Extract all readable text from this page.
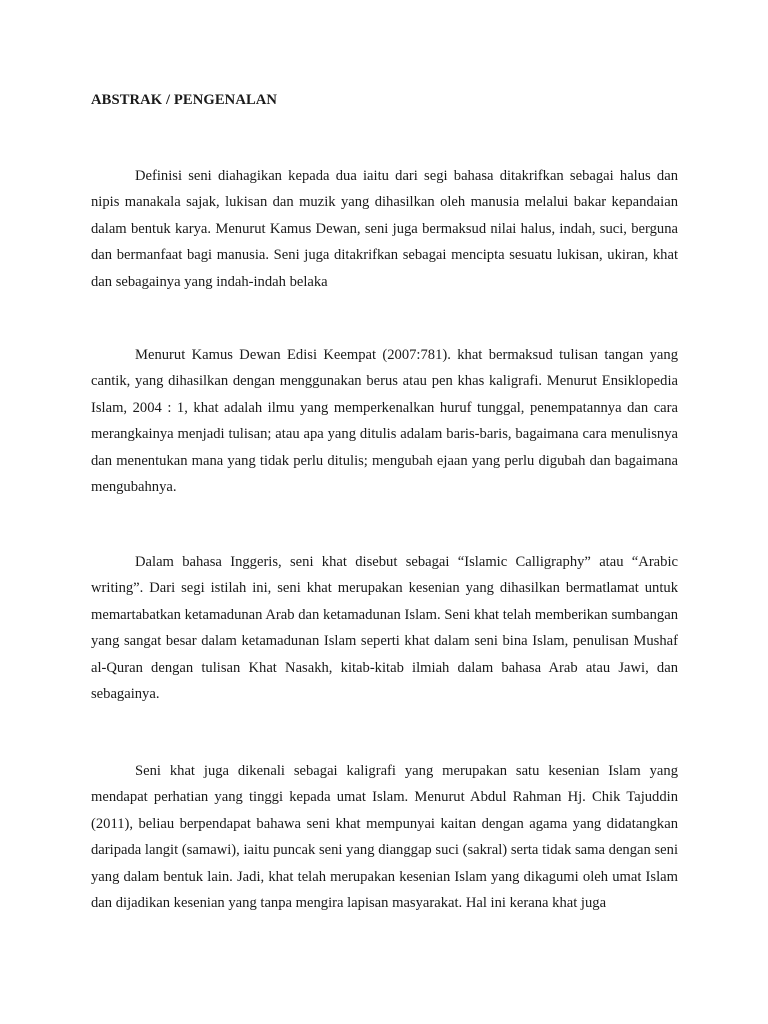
ABSTRAK / PENGENALAN

Definisi seni diahagikan kepada dua iaitu dari segi bahasa ditakrifkan sebagai halus dan nipis manakala sajak, lukisan dan muzik yang dihasilkan oleh manusia melalui bakar kepandaian dalam bentuk karya. Menurut Kamus Dewan, seni juga bermaksud nilai halus, indah, suci, berguna dan bermanfaat bagi manusia. Seni juga ditakrifkan sebagai mencipta sesuatu lukisan, ukiran, khat dan sebagainya yang indah-indah belaka

Menurut Kamus Dewan Edisi Keempat (2007:781). khat bermaksud tulisan tangan yang cantik, yang dihasilkan dengan menggunakan berus atau pen khas kaligrafi. Menurut Ensiklopedia Islam, 2004 : 1, khat adalah ilmu yang memperkenalkan huruf tunggal, penempatannya dan cara merangkainya menjadi tulisan; atau apa yang ditulis adalam baris-baris, bagaimana cara menulisnya dan menentukan mana yang tidak perlu ditulis; mengubah ejaan yang perlu digubah dan bagaimana mengubahnya.

Dalam bahasa Inggeris, seni khat disebut sebagai “Islamic Calligraphy” atau “Arabic writing”. Dari segi istilah ini, seni khat merupakan kesenian yang dihasilkan bermatlamat untuk memartabatkan ketamadunan Arab dan ketamadunan Islam. Seni khat telah memberikan sumbangan yang sangat besar dalam ketamadunan Islam seperti khat dalam seni bina Islam, penulisan Mushaf al-Quran dengan tulisan Khat Nasakh, kitab-kitab ilmiah dalam bahasa Arab atau Jawi, dan sebagainya.

Seni khat juga dikenali sebagai kaligrafi yang merupakan satu kesenian Islam yang mendapat perhatian yang tinggi kepada umat Islam. Menurut Abdul Rahman Hj. Chik Tajuddin (2011), beliau berpendapat bahawa seni khat mempunyai kaitan dengan agama yang didatangkan daripada langit (samawi), iaitu puncak seni yang dianggap suci (sakral) serta tidak sama dengan seni yang dalam bentuk lain. Jadi, khat telah merupakan kesenian Islam yang dikagumi oleh umat Islam dan dijadikan kesenian yang tanpa mengira lapisan masyarakat. Hal ini kerana khat juga
